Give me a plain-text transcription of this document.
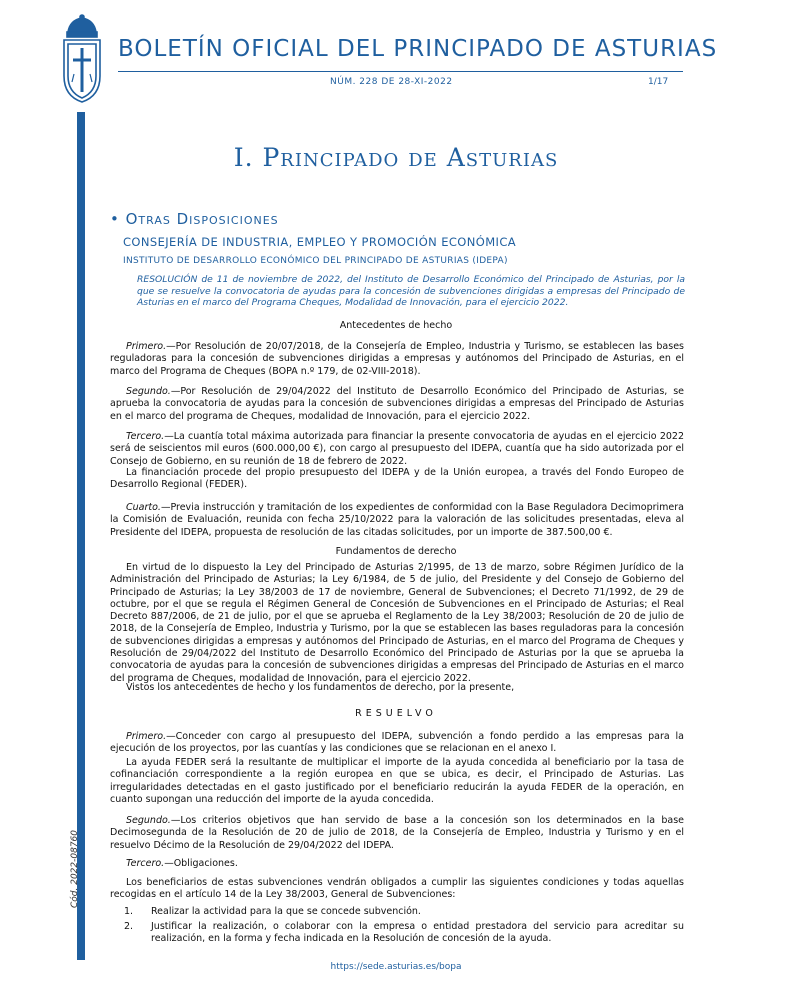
BOLETÍN OFICIAL DEL PRINCIPADO DE ASTURIAS
NÚM. 228 DE 28-XI-2022	1/17
Cód. 2022-08760
I. Principado de Asturias
• Otras Disposiciones
CONSEJERÍA DE INDUSTRIA, EMPLEO Y PROMOCIÓN ECONÓMICA
INSTITUTO DE DESARROLLO ECONÓMICO DEL PRINCIPADO DE ASTURIAS (IDEPA)
RESOLUCIÓN de 11 de noviembre de 2022, del Instituto de Desarrollo Económico del Principado de Asturias, por la que se resuelve la convocatoria de ayudas para la concesión de subvenciones dirigidas a empresas del Principado de Asturias en el marco del Programa Cheques, Modalidad de Innovación, para el ejercicio 2022.
Antecedentes de hecho
Primero.—Por Resolución de 20/07/2018, de la Consejería de Empleo, Industria y Turismo, se establecen las bases reguladoras para la concesión de subvenciones dirigidas a empresas y autónomos del Principado de Asturias, en el marco del Programa de Cheques (BOPA n.º 179, de 02-VIII-2018).
Segundo.—Por Resolución de 29/04/2022 del Instituto de Desarrollo Económico del Principado de Asturias, se aprueba la convocatoria de ayudas para la concesión de subvenciones dirigidas a empresas del Principado de Asturias en el marco del programa de Cheques, modalidad de Innovación, para el ejercicio 2022.
Tercero.—La cuantía total máxima autorizada para financiar la presente convocatoria de ayudas en el ejercicio 2022 será de seiscientos mil euros (600.000,00 €), con cargo al presupuesto del IDEPA, cuantía que ha sido autorizada por el Consejo de Gobierno, en su reunión de 18 de febrero de 2022.
La financiación procede del propio presupuesto del IDEPA y de la Unión europea, a través del Fondo Europeo de Desarrollo Regional (FEDER).
Cuarto.—Previa instrucción y tramitación de los expedientes de conformidad con la Base Reguladora Decimoprimera la Comisión de Evaluación, reunida con fecha 25/10/2022 para la valoración de las solicitudes presentadas, eleva al Presidente del IDEPA, propuesta de resolución de las citadas solicitudes, por un importe de 387.500,00 €.
Fundamentos de derecho
En virtud de lo dispuesto la Ley del Principado de Asturias 2/1995, de 13 de marzo, sobre Régimen Jurídico de la Administración del Principado de Asturias; la Ley 6/1984, de 5 de julio, del Presidente y del Consejo de Gobierno del Principado de Asturias; la Ley 38/2003 de 17 de noviembre, General de Subvenciones; el Decreto 71/1992, de 29 de octubre, por el que se regula el Régimen General de Concesión de Subvenciones en el Principado de Asturias; el Real Decreto 887/2006, de 21 de julio, por el que se aprueba el Reglamento de la Ley 38/2003; Resolución de 20 de julio de 2018, de la Consejería de Empleo, Industria y Turismo, por la que se establecen las bases reguladoras para la concesión de subvenciones dirigidas a empresas y autónomos del Principado de Asturias, en el marco del Programa de Cheques y Resolución de 29/04/2022 del Instituto de Desarrollo Económico del Principado de Asturias por la que se aprueba la convocatoria de ayudas para la concesión de subvenciones dirigidas a empresas del Principado de Asturias en el marco del programa de Cheques, modalidad de Innovación, para el ejercicio 2022.
Vistos los antecedentes de hecho y los fundamentos de derecho, por la presente,
RESUELVO
Primero.—Conceder con cargo al presupuesto del IDEPA, subvención a fondo perdido a las empresas para la ejecución de los proyectos, por las cuantías y las condiciones que se relacionan en el anexo I.
La ayuda FEDER será la resultante de multiplicar el importe de la ayuda concedida al beneficiario por la tasa de cofinanciación correspondiente a la región europea en que se ubica, es decir, el Principado de Asturias. Las irregularidades detectadas en el gasto justificado por el beneficiario reducirán la ayuda FEDER de la operación, en cuanto supongan una reducción del importe de la ayuda concedida.
Segundo.—Los criterios objetivos que han servido de base a la concesión son los determinados en la base Decimosegunda de la Resolución de 20 de julio de 2018, de la Consejería de Empleo, Industria y Turismo y en el resuelvo Décimo de la Resolución de 29/04/2022 del IDEPA.
Tercero.—Obligaciones.
Los beneficiarios de estas subvenciones vendrán obligados a cumplir las siguientes condiciones y todas aquellas recogidas en el artículo 14 de la Ley 38/2003, General de Subvenciones:
1. Realizar la actividad para la que se concede subvención.
2. Justificar la realización, o colaborar con la empresa o entidad prestadora del servicio para acreditar su realización, en la forma y fecha indicada en la Resolución de concesión de la ayuda.
https://sede.asturias.es/bopa
